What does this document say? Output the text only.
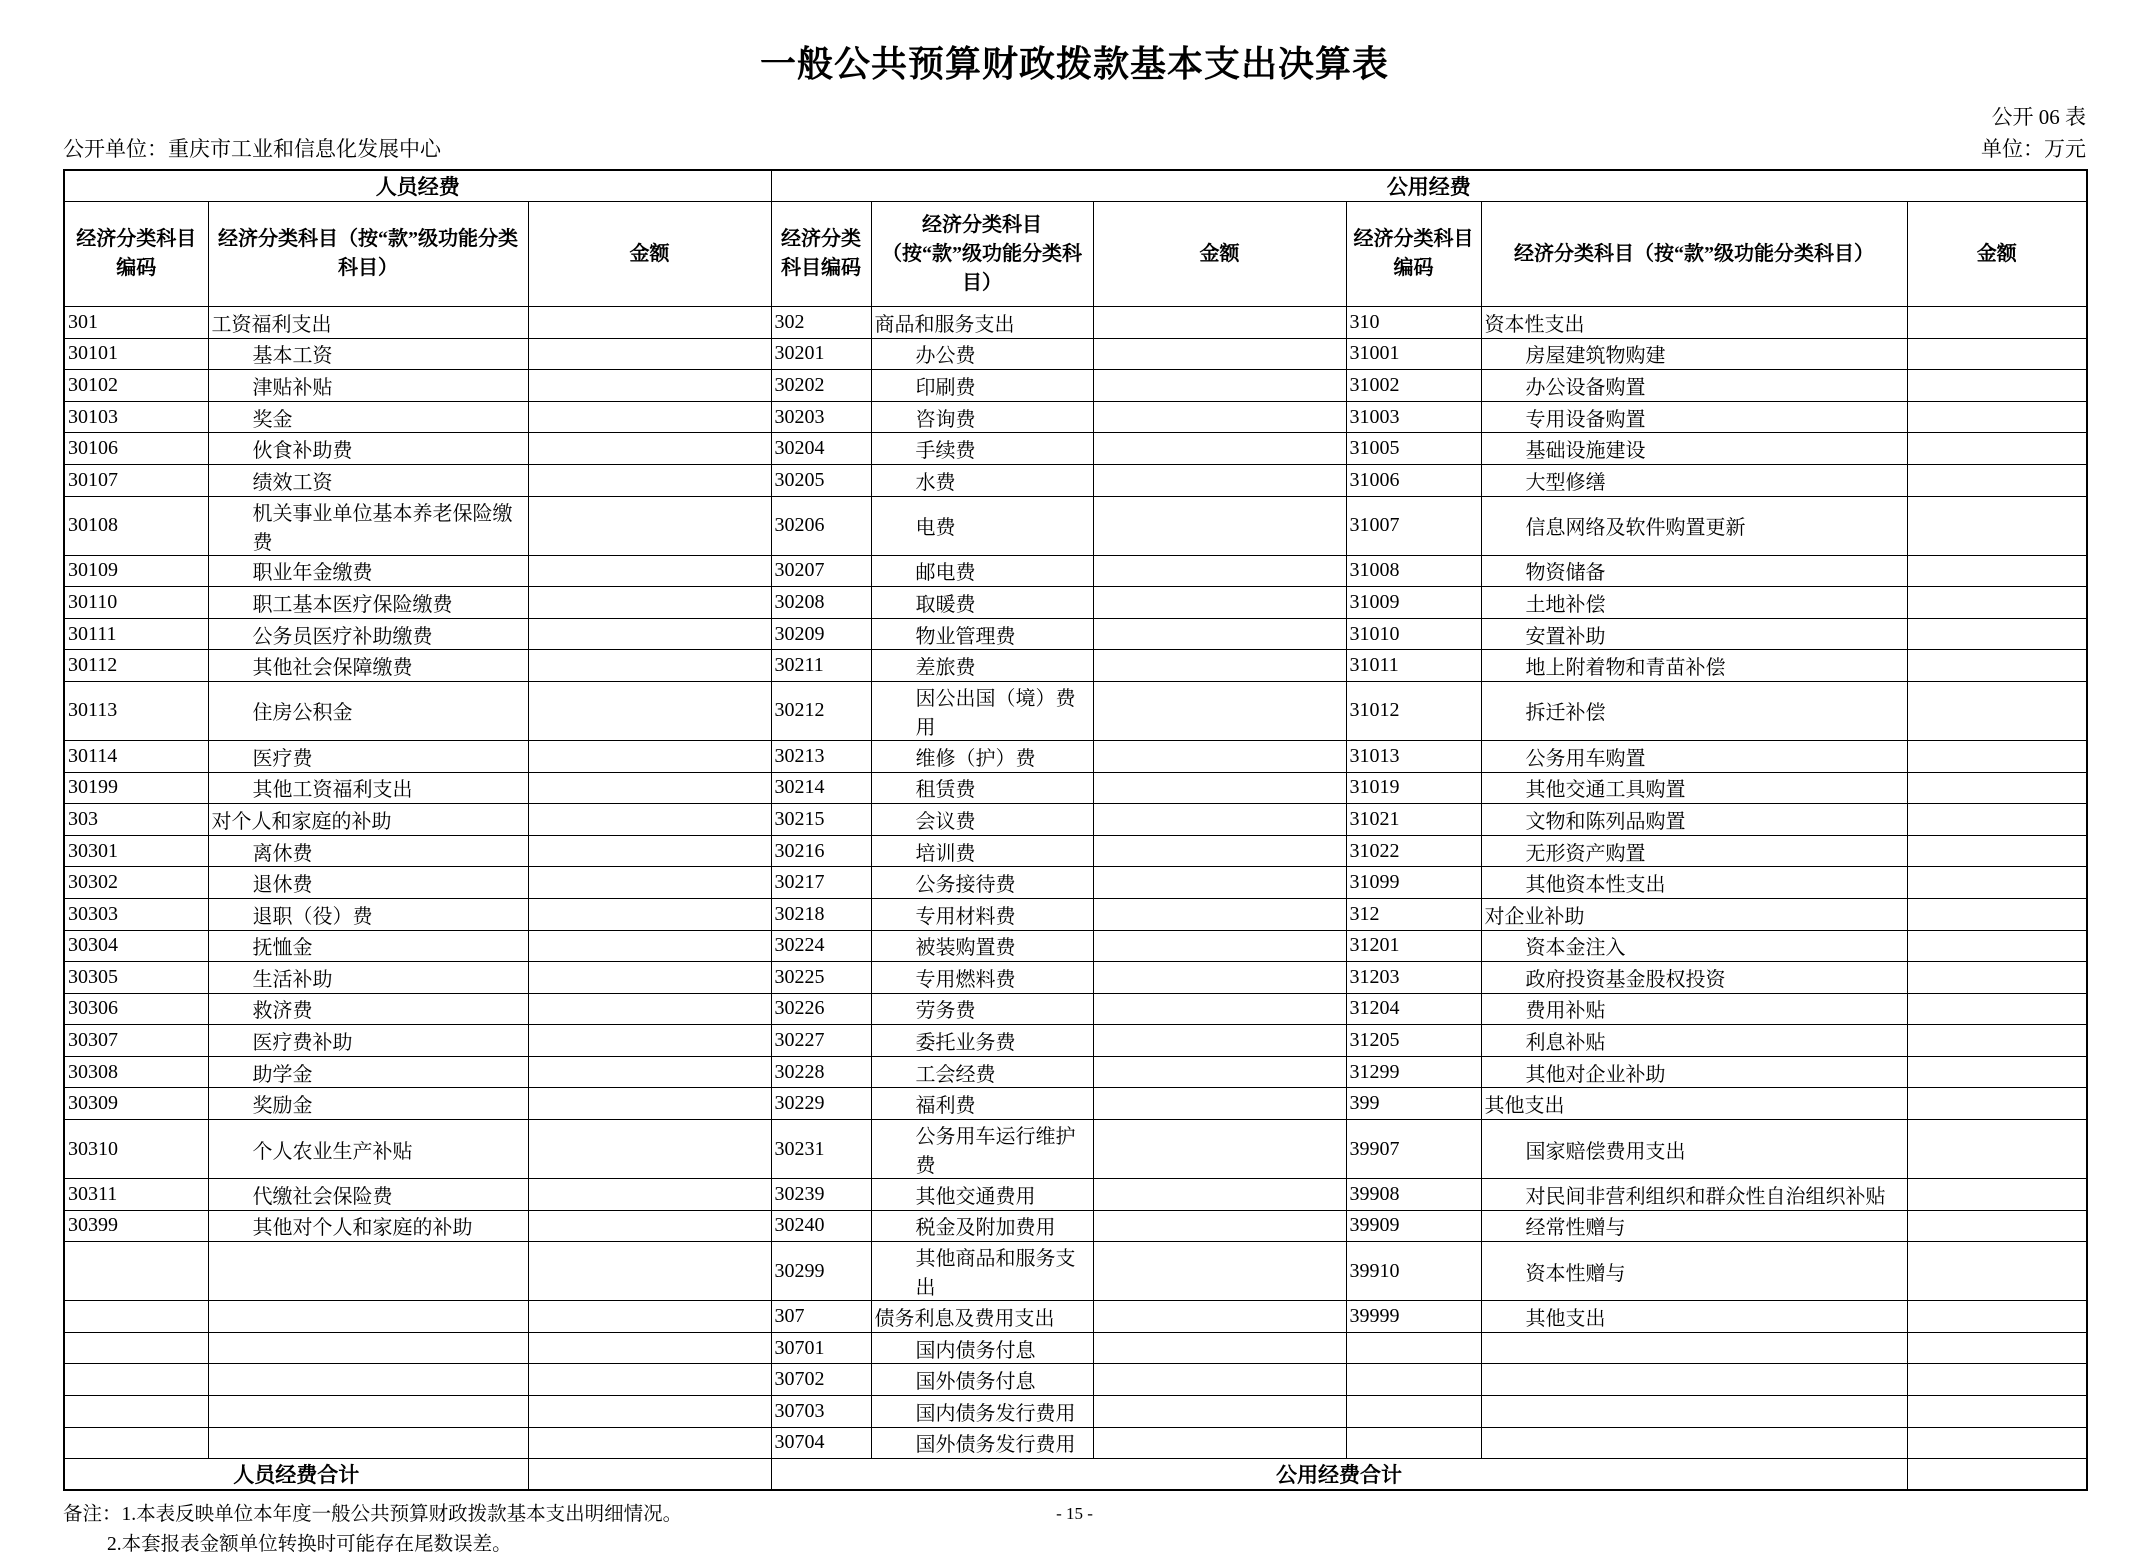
一般公共预算财政拨款基本支出决算表
公开 06 表
公开单位：重庆市工业和信息化发展中心	单位：万元
人员经费			公用经费					
经济分类科目编码	经济分类科目（按“款”级功能分类科目）	金额	经济分类科目编码	经济分类科目（按“款”级功能分类科目）	金额	经济分类科目编码	经济分类科目（按“款”级功能分类科目）	金额
301	工资福利支出		302	商品和服务支出		310	资本性支出	
30101	基本工资		30201	办公费		31001	房屋建筑物购建	
30102	津贴补贴		30202	印刷费		31002	办公设备购置	
30103	奖金		30203	咨询费		31003	专用设备购置	
30106	伙食补助费		30204	手续费		31005	基础设施建设	
30107	绩效工资		30205	水费		31006	大型修缮	
30108	机关事业单位基本养老保险缴费		30206	电费		31007	信息网络及软件购置更新	
30109	职业年金缴费		30207	邮电费		31008	物资储备	
30110	职工基本医疗保险缴费		30208	取暖费		31009	土地补偿	
30111	公务员医疗补助缴费		30209	物业管理费		31010	安置补助	
30112	其他社会保障缴费		30211	差旅费		31011	地上附着物和青苗补偿	
30113	住房公积金		30212	因公出国（境）费用		31012	拆迁补偿	
30114	医疗费		30213	维修（护）费		31013	公务用车购置	
30199	其他工资福利支出		30214	租赁费		31019	其他交通工具购置	
303	对个人和家庭的补助		30215	会议费		31021	文物和陈列品购置	
30301	离休费		30216	培训费		31022	无形资产购置	
30302	退休费		30217	公务接待费		31099	其他资本性支出	
30303	退职（役）费		30218	专用材料费		312	对企业补助	
30304	抚恤金		30224	被装购置费		31201	资本金注入	
30305	生活补助		30225	专用燃料费		31203	政府投资基金股权投资	
30306	救济费		30226	劳务费		31204	费用补贴	
30307	医疗费补助		30227	委托业务费		31205	利息补贴	
30308	助学金		30228	工会经费		31299	其他对企业补助	
30309	奖励金		30229	福利费		399	其他支出	
30310	个人农业生产补贴		30231	公务用车运行维护费		39907	国家赔偿费用支出	
30311	代缴社会保险费		30239	其他交通费用		39908	对民间非营利组织和群众性自治组织补贴	
30399	其他对个人和家庭的补助		30240	税金及附加费用		39909	经常性赠与	
			30299	其他商品和服务支出		39910	资本性赠与	
			307	债务利息及费用支出		39999	其他支出	
			30701	国内债务付息				
			30702	国外债务付息				
			30703	国内债务发行费用				
			30704	国外债务发行费用				
人员经费合计			公用经费合计					
备注：1.本表反映单位本年度一般公共预算财政拨款基本支出明细情况。
2.本套报表金额单位转换时可能存在尾数误差。
- 15 -
